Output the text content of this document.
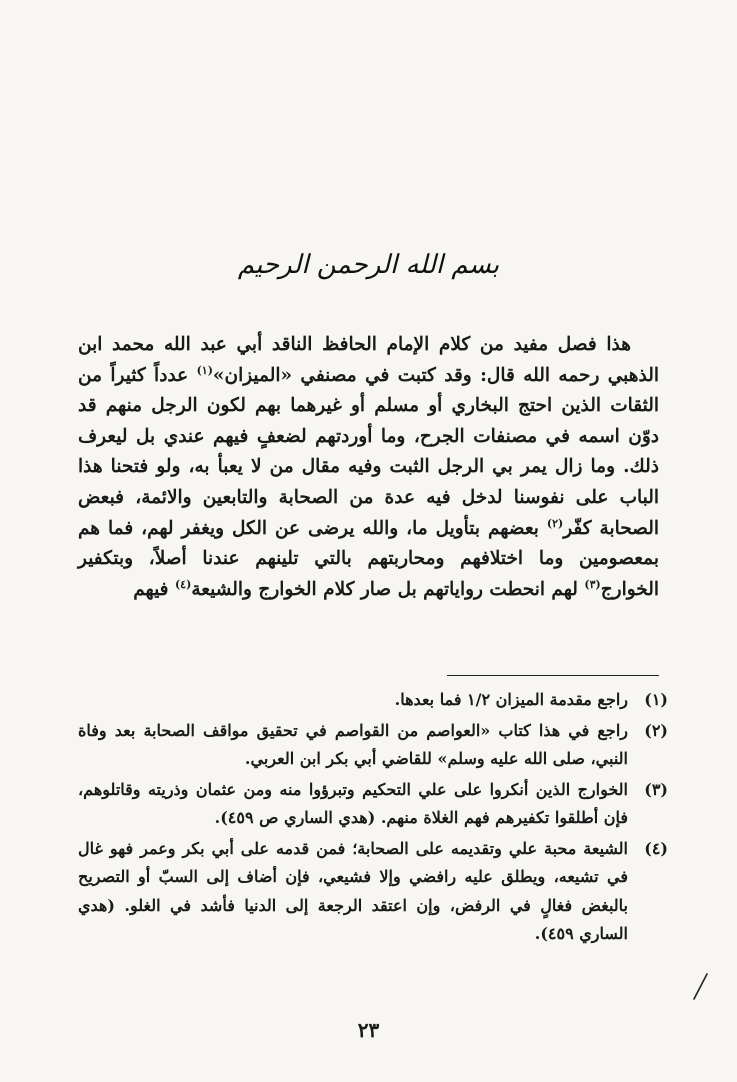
بسم الله الرحمن الرحيم

هذا فصل مفيد من كلام الإمام الحافظ الناقد أبي عبد الله محمد ابن الذهبي رحمه الله قال: وقد كتبت في مصنفي «الميزان»$^{(١)}$ عدداً كثيراً من الثقات الذين احتج البخاري أو مسلم أو غيرهما بهم لكون الرجل منهم قد دوّن اسمه في مصنفات الجرح، وما أوردتهم لضعفٍ فيهم عندي بل ليعرف ذلك. وما زال يمر بي الرجل الثبت وفيه مقال من لا يعبأ به، ولو فتحنا هذا الباب على نفوسنا لدخل فيه عدة من الصحابة والتابعين والائمة، فبعض الصحابة كفّر$^{(٢)}$ بعضهم بتأويل ما، والله يرضى عن الكل ويغفر لهم، فما هم بمعصومين وما اختلافهم ومحاربتهم بالتي تلينهم عندنا أصلاً، وبتكفير الخوارج$^{(٣)}$ لهم انحطت رواياتهم بل صار كلام الخوارج والشيعة$^{(٤)}$ فيهم

(١)
راجع مقدمة الميزان ١/٢ فما بعدها.
(٢)
راجع في هذا كتاب «العواصم من القواصم في تحقيق مواقف الصحابة بعد وفاة النبي، صلى الله عليه وسلم» للقاضي أبي بكر ابن العربي.
(٣)
الخوارج الذين أنكروا على علي التحكيم وتبرؤوا منه ومن عثمان وذريته وقاتلوهم، فإن أطلقوا تكفيرهم فهم الغلاة منهم. (هدي الساري ص ٤٥٩).
(٤)
الشيعة محبة علي وتقديمه على الصحابة؛ فمن قدمه على أبي بكر وعمر فهو غال في تشيعه، ويطلق عليه رافضي وإلا فشيعي، فإن أضاف إلى السبّ أو التصريح بالبغض فغالٍ في الرفض، وإن اعتقد الرجعة إلى الدنيا فأشد في الغلو. (هدي الساري ٤٥٩).
٢٣
